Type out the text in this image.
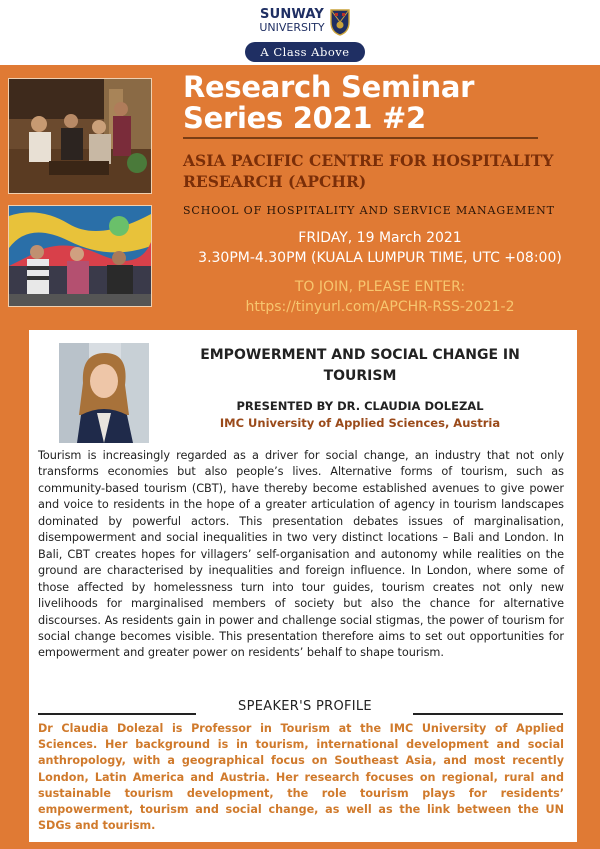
SUNWAY
UNIVERSITY
A Class Above
Research Seminar
Series 2021 #2
ASIA PACIFIC CENTRE FOR HOSPITALITY RESEARCH (APCHR)
SCHOOL OF HOSPITALITY AND SERVICE MANAGEMENT
FRIDAY, 19 March 2021
3.30PM-4.30PM (KUALA LUMPUR TIME, UTC +08:00)
TO JOIN, PLEASE ENTER:
https://tinyurl.com/APCHR-RSS-2021-2
EMPOWERMENT AND SOCIAL CHANGE IN TOURISM
PRESENTED BY DR. CLAUDIA DOLEZAL
IMC University of Applied Sciences, Austria

Tourism is increasingly regarded as a driver for social change, an industry that not only transforms economies but also people’s lives. Alternative forms of tourism, such as community-based tourism (CBT), have thereby become established avenues to give power and voice to residents in the hope of a greater articulation of agency in tourism landscapes dominated by powerful actors. This presentation debates issues of marginalisation, disempowerment and social inequalities in two very distinct locations – Bali and London. In Bali, CBT creates hopes for villagers’ self-organisation and autonomy while realities on the ground are characterised by inequalities and foreign influence. In London, where some of those affected by homelessness turn into tour guides, tourism creates not only new livelihoods for marginalised members of society but also the chance for alternative discourses. As residents gain in power and challenge social stigmas, the power of tourism for social change becomes visible. This presentation therefore aims to set out opportunities for empowerment and greater power on residents’ behalf to shape tourism.

SPEAKER'S PROFILE

Dr Claudia Dolezal is Professor in Tourism at the IMC University of Applied Sciences. Her background is in tourism, international development and social anthropology, with a geographical focus on Southeast Asia, and most recently London, Latin America and Austria. Her research focuses on regional, rural and sustainable tourism development, the role tourism plays for residents’ empowerment, tourism and social change, as well as the link between the UN SDGs and tourism.
